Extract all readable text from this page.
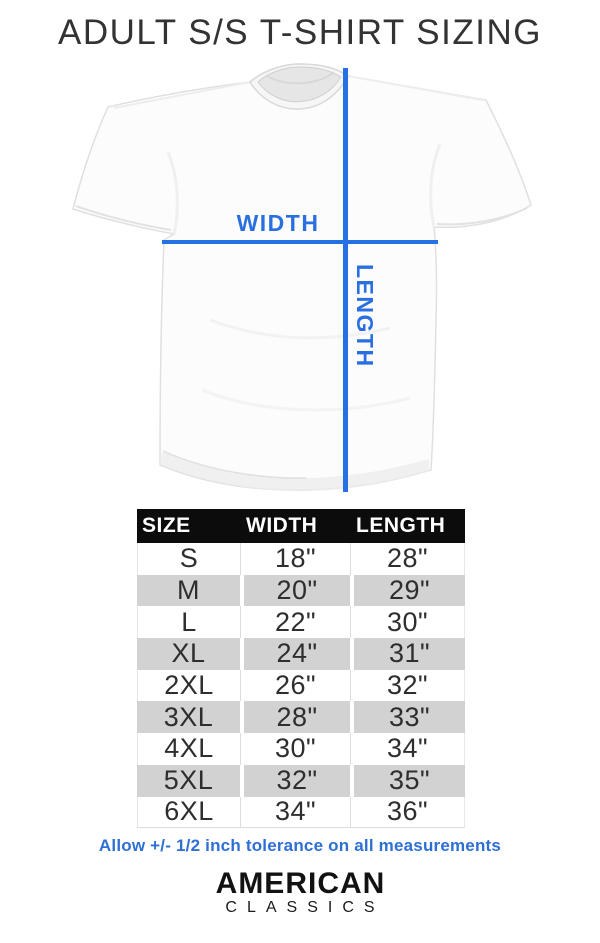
ADULT S/S T-SHIRT SIZING
WIDTH
LENGTH
SIZE	WIDTH	LENGTH
S	18"	28"
M	20"	29"
L	22"	30"
XL	24"	31"
2XL	26"	32"
3XL	28"	33"
4XL	30"	34"
5XL	32"	35"
6XL	34"	36"
Allow +/- 1/2 inch tolerance on all measurements
AMERICAN
CLASSICS
